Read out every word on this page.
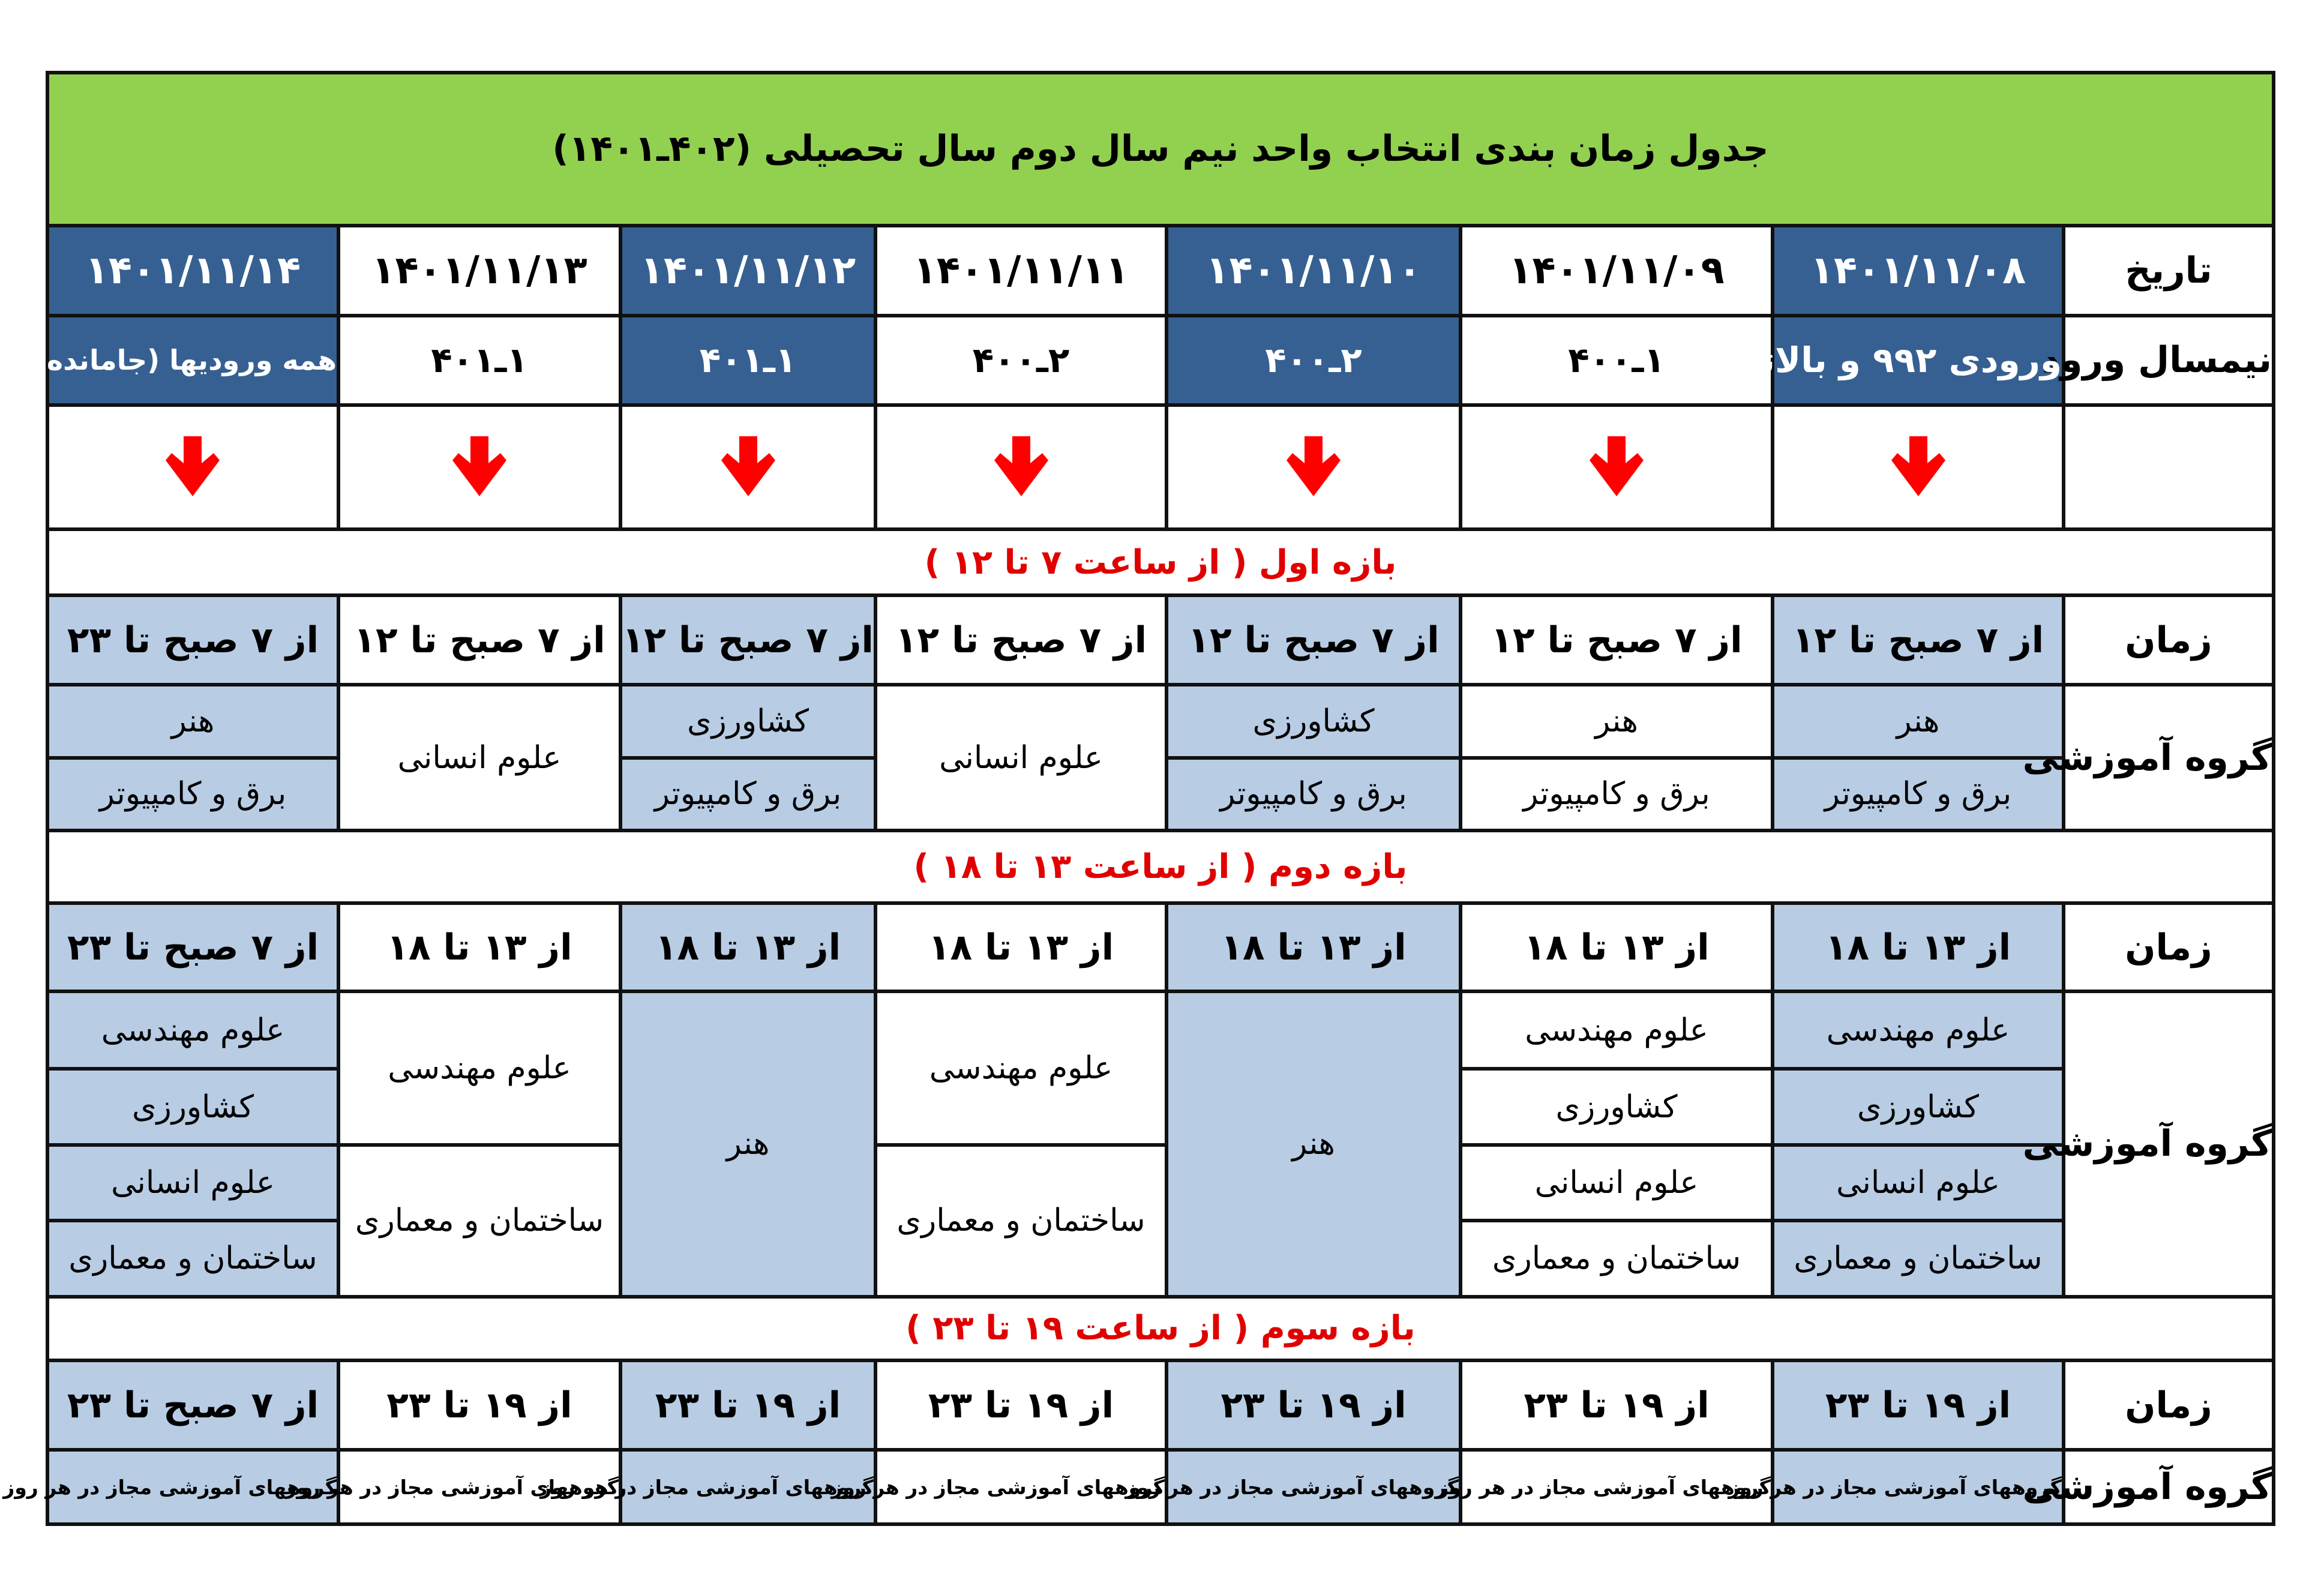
جدول زمان بندی انتخاب واحد نیم سال دوم سال تحصیلی (۴۰۲ـ۱۴۰۱)							
تاریخ	۱۴۰۱/۱۱/۰۸	۱۴۰۱/۱۱/۰۹	۱۴۰۱/۱۱/۱۰	۱۴۰۱/۱۱/۱۱	۱۴۰۱/۱۱/۱۲	۱۴۰۱/۱۱/۱۳	۱۴۰۱/۱۱/۱۴
نیمسال ورود	ورودی ۹۹۲ و بالاتر	۱ـ۴۰۰	۲ـ۴۰۰	۲ـ۴۰۰	۱ـ۴۰۱	۱ـ۴۰۱	همه ورودیها (جامانده)

بازه اول ( از ساعت ۷ تا ۱۲ )							
زمان	از ۷ صبح تا ۱۲	از ۷ صبح تا ۱۲	از ۷ صبح تا ۱۲	از ۷ صبح تا ۱۲	از ۷ صبح تا ۱۲	از ۷ صبح تا ۱۲	از ۷ صبح تا ۲۳
گروه آموزشی	هنر	هنر	کشاورزی	علوم انسانی	کشاورزی	علوم انسانی	هنر
	برق و کامپیوتر	برق و کامپیوتر	برق و کامپیوتر		برق و کامپیوتر		برق و کامپیوتر
بازه دوم ( از ساعت ۱۳ تا ۱۸ )							
زمان	از ۱۳ تا ۱۸	از ۱۳ تا ۱۸	از ۱۳ تا ۱۸	از ۱۳ تا ۱۸	از ۱۳ تا ۱۸	از ۱۳ تا ۱۸	از ۷ صبح تا ۲۳
گروه آموزشی	علوم مهندسی	علوم مهندسی	هنر	علوم مهندسی	هنر	علوم مهندسی	علوم مهندسی
	کشاورزی	کشاورزی					کشاورزی
	علوم انسانی	علوم انسانی		ساختمان و معماری		ساختمان و معماری	علوم انسانی
	ساختمان و معماری	ساختمان و معماری					ساختمان و معماری
بازه سوم ( از ساعت ۱۹ تا ۲۳ )							
زمان	از ۱۹ تا ۲۳	از ۱۹ تا ۲۳	از ۱۹ تا ۲۳	از ۱۹ تا ۲۳	از ۱۹ تا ۲۳	از ۱۹ تا ۲۳	از ۷ صبح تا ۲۳
گروه آموزشی	گروههای آموزشی مجاز در هر روز	گروههای آموزشی مجاز در هر روز	گروههای آموزشی مجاز در هر روز	گروههای آموزشی مجاز در هر روز	گروههای آموزشی مجاز در هر روز	گروههای آموزشی مجاز در هر روز	گروههای آموزشی مجاز در هر روز
